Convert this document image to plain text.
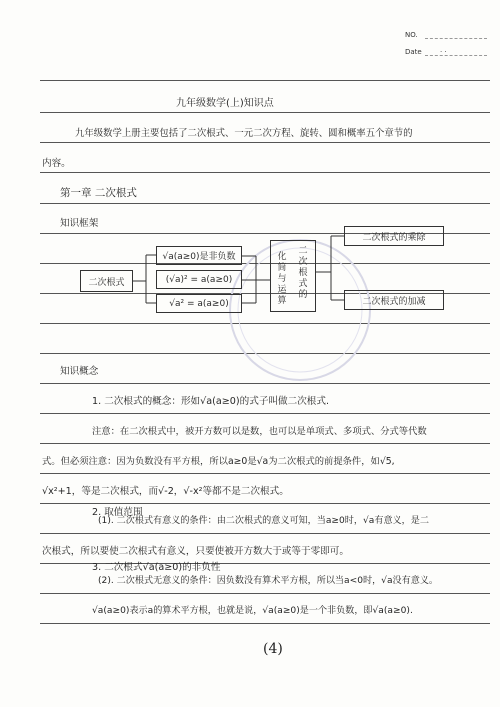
NO.
Date	· ·
九年级数学(上)知识点
九年级数学上册主要包括了二次根式、一元二次方程、旋转、圆和概率五个章节的
内容。
第一章 二次根式
知识框架
二次根式
√a(a≥0)是非负数
(√a)² = a(a≥0)
√a² = a(a≥0)
化简与运算
二次根式的
二次根式的乘除
二次根式的加减
知识概念
1. 二次根式的概念：形如√a(a≥0)的式子叫做二次根式.
注意：在二次根式中，被开方数可以是数，也可以是单项式、多项式、分式等代数
式。但必须注意：因为负数没有平方根，所以a≥0是√a为二次根式的前提条件，如√5,
√x²+1，等是二次根式，而√-2，√-x²等都不是二次根式。
2. 取值范围
(1). 二次根式有意义的条件：由二次根式的意义可知，当a≥0时，√a有意义，是二
次根式，所以要使二次根式有意义，只要使被开方数大于或等于零即可。
(2). 二次根式无意义的条件：因负数没有算术平方根，所以当a<0时，√a没有意义。
3. 二次根式√a(a≥0)的非负性
√a(a≥0)表示a的算术平方根，也就是说，√a(a≥0)是一个非负数，即√a(a≥0).
(4)
